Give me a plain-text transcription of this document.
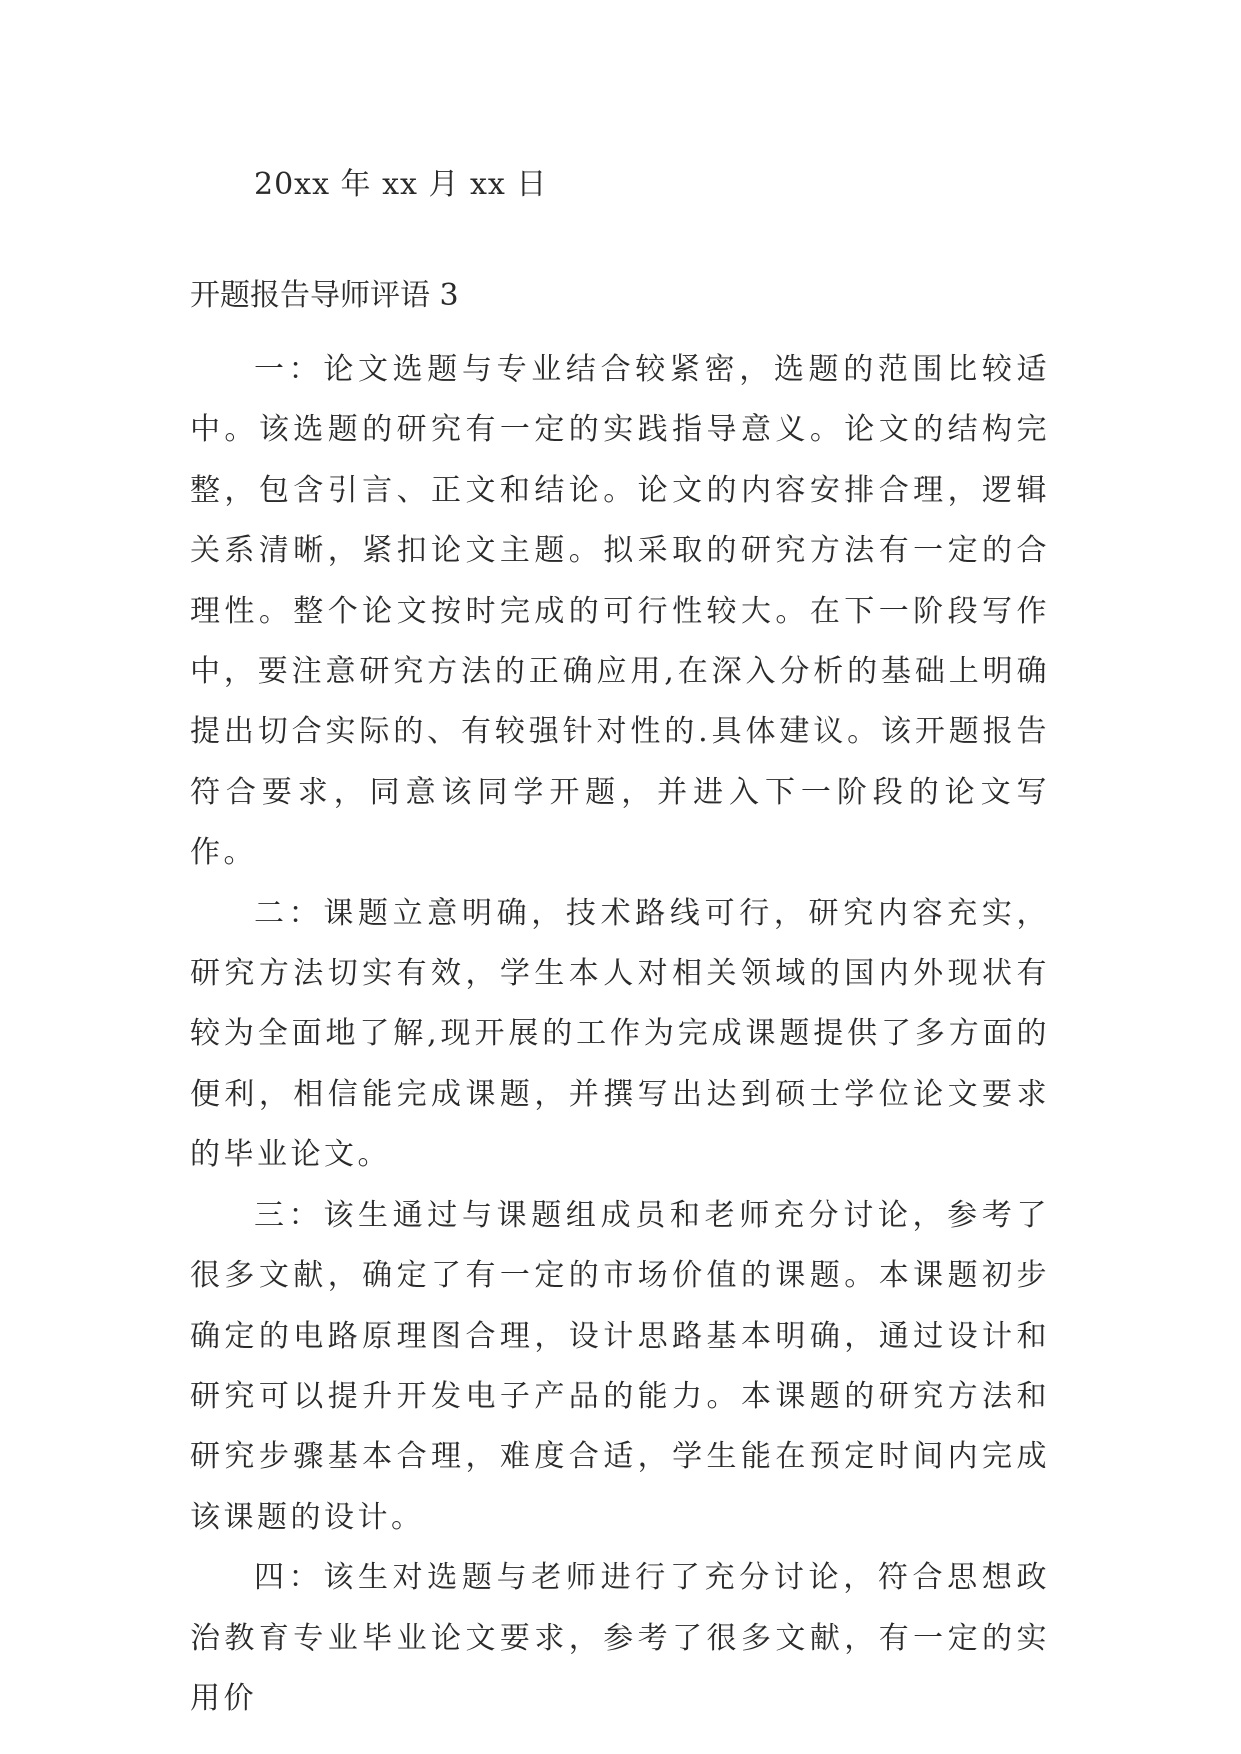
20xx 年 xx 月 xx 日
开题报告导师评语 3

一：论文选题与专业结合较紧密，选题的范围比较适中。该选题的研究有一定的实践指导意义。论文的结构完整，包含引言、正文和结论。论文的内容安排合理，逻辑关系清晰，紧扣论文主题。拟采取的研究方法有一定的合理性。整个论文按时完成的可行性较大。在下一阶段写作中，要注意研究方法的正确应用,在深入分析的基础上明确提出切合实际的、有较强针对性的.具体建议。该开题报告符合要求，同意该同学开题，并进入下一阶段的论文写作。

二：课题立意明确，技术路线可行，研究内容充实，研究方法切实有效，学生本人对相关领域的国内外现状有较为全面地了解,现开展的工作为完成课题提供了多方面的便利，相信能完成课题，并撰写出达到硕士学位论文要求的毕业论文。

三：该生通过与课题组成员和老师充分讨论，参考了很多文献，确定了有一定的市场价值的课题。本课题初步确定的电路原理图合理，设计思路基本明确，通过设计和研究可以提升开发电子产品的能力。本课题的研究方法和研究步骤基本合理，难度合适，学生能在预定时间内完成该课题的设计。

四：该生对选题与老师进行了充分讨论，符合思想政治教育专业毕业论文要求，参考了很多文献，有一定的实用价
